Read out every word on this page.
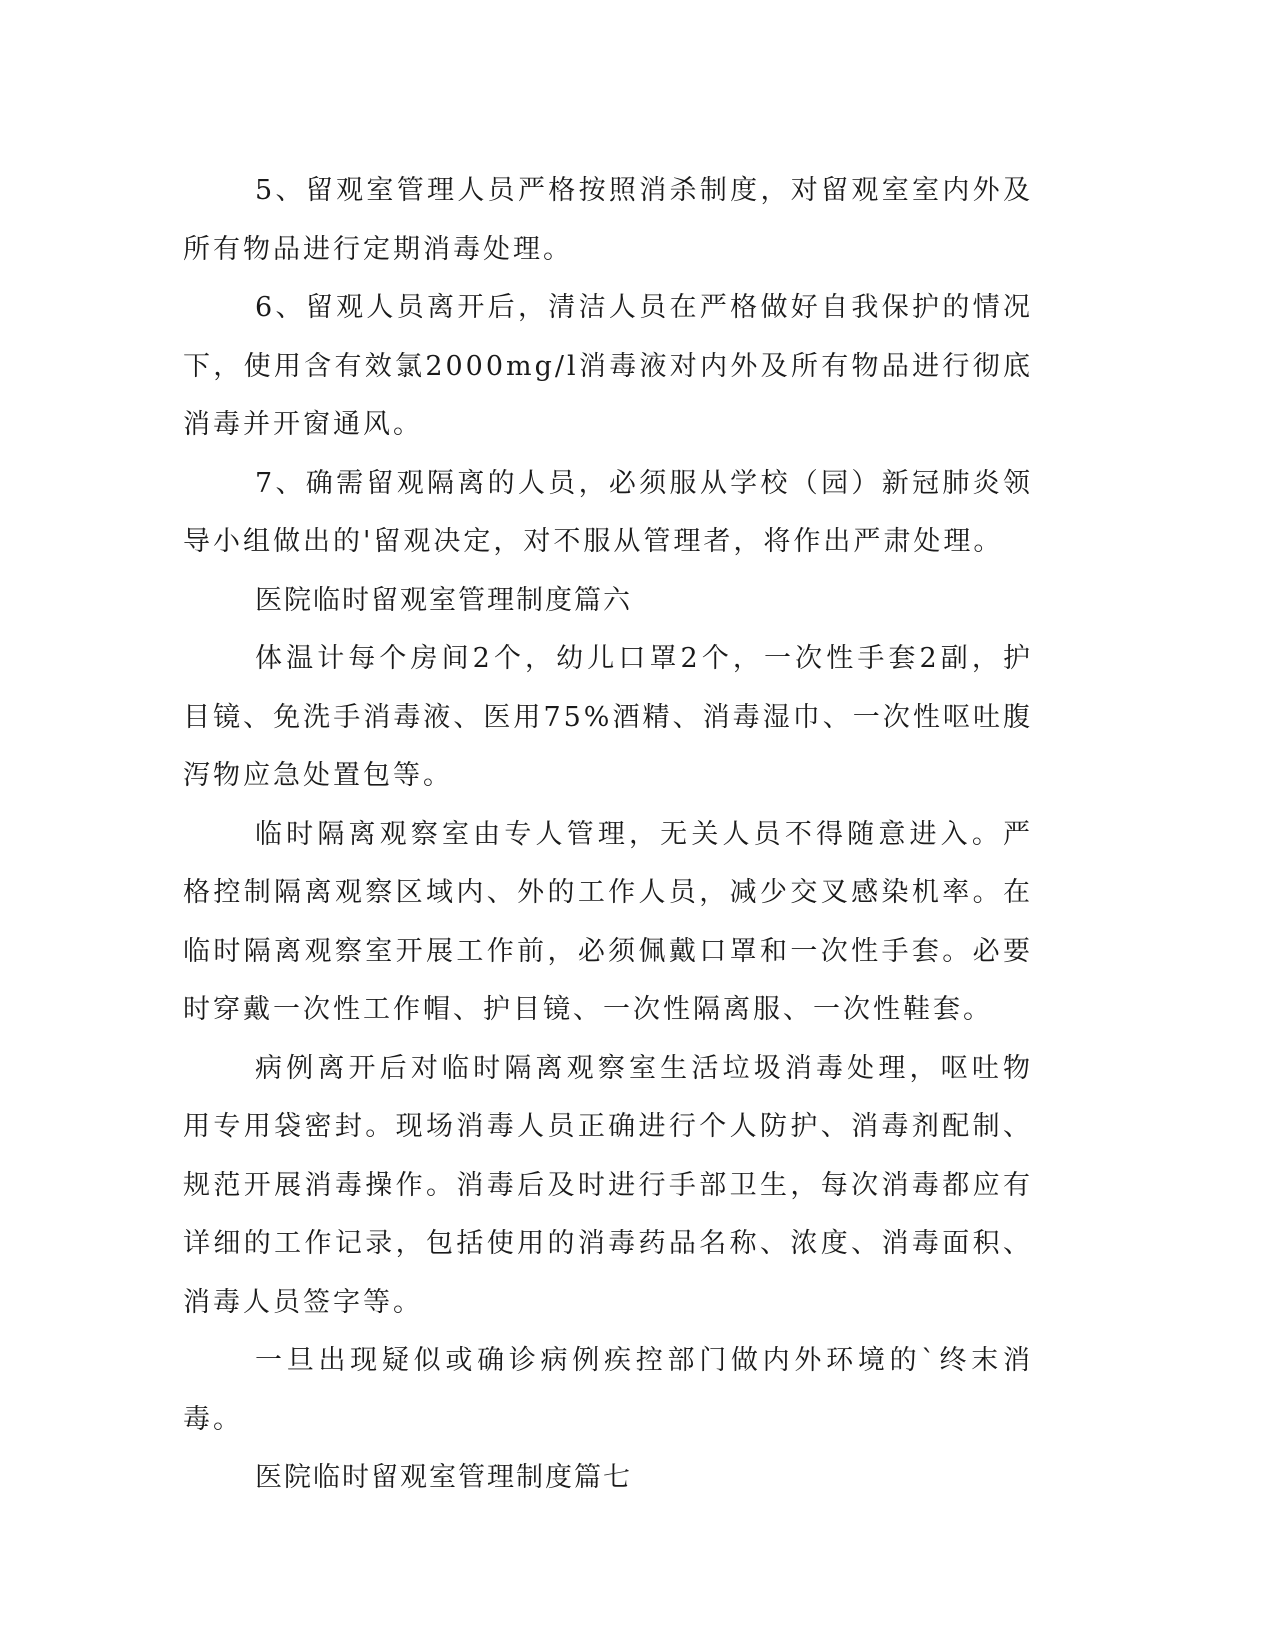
5、留观室管理人员严格按照消杀制度，对留观室室内外及所有物品进行定期消毒处理。

6、留观人员离开后，清洁人员在严格做好自我保护的情况下，使用含有效氯2000mg/l消毒液对内外及所有物品进行彻底消毒并开窗通风。

7、确需留观隔离的人员，必须服从学校（园）新冠肺炎领导小组做出的'留观决定，对不服从管理者，将作出严肃处理。

医院临时留观室管理制度篇六

体温计每个房间2个，幼儿口罩2个，一次性手套2副，护目镜、免洗手消毒液、医用75%酒精、消毒湿巾、一次性呕吐腹泻物应急处置包等。

临时隔离观察室由专人管理，无关人员不得随意进入。严格控制隔离观察区域内、外的工作人员，减少交叉感染机率。在临时隔离观察室开展工作前，必须佩戴口罩和一次性手套。必要时穿戴一次性工作帽、护目镜、一次性隔离服、一次性鞋套。

病例离开后对临时隔离观察室生活垃圾消毒处理，呕吐物用专用袋密封。现场消毒人员正确进行个人防护、消毒剂配制、规范开展消毒操作。消毒后及时进行手部卫生，每次消毒都应有详细的工作记录，包括使用的消毒药品名称、浓度、消毒面积、消毒人员签字等。

一旦出现疑似或确诊病例疾控部门做内外环境的`终末消毒。

医院临时留观室管理制度篇七
